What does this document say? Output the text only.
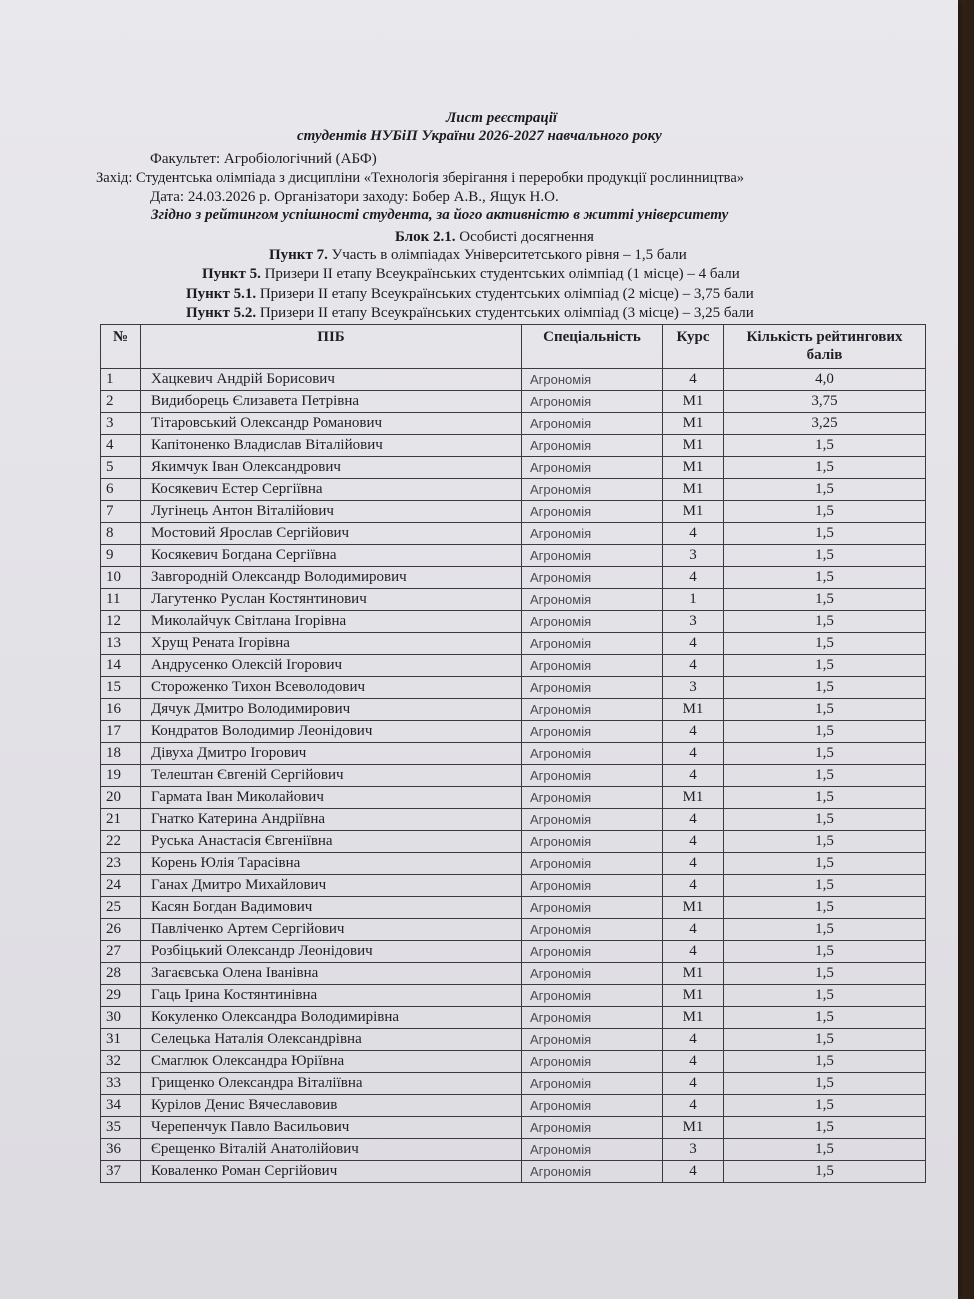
Лист реєстрації
студентів НУБіП України 2026-2027 навчального року
Факультет: Агробіологічний (АБФ)
Захід: Студентська олімпіада з дисципліни «Технологія зберігання і переробки продукції рослинництва»
Дата: 24.03.2026 р. Організатори заходу: Бобер А.В., Ящук Н.О.
Згідно з рейтингом успішності студента, за його активністю в житті університету
Блок 2.1. Особисті досягнення
Пункт 7. Участь в олімпіадах Університетського рівня – 1,5 бали
Пункт 5. Призери ІІ етапу Всеукраїнських студентських олімпіад (1 місце) – 4 бали
Пункт 5.1. Призери ІІ етапу Всеукраїнських студентських олімпіад (2 місце) – 3,75 бали
Пункт 5.2. Призери ІІ етапу Всеукраїнських студентських олімпіад (3 місце) – 3,25 бали
№	ПІБ	Спеціальність	Курс	Кількість рейтингових балів
1	Хацкевич Андрій Борисович	Агрономія	4	4,0
2	Видиборець Єлизавета Петрівна	Агрономія	М1	3,75
3	Тітаровський Олександр Романович	Агрономія	М1	3,25
4	Капітоненко Владислав Віталійович	Агрономія	М1	1,5
5	Якимчук Іван Олександрович	Агрономія	М1	1,5
6	Косякевич Естер Сергіївна	Агрономія	М1	1,5
7	Лугінець Антон Віталійович	Агрономія	М1	1,5
8	Мостовий Ярослав Сергійович	Агрономія	4	1,5
9	Косякевич Богдана Сергіївна	Агрономія	3	1,5
10	Завгородній Олександр Володимирович	Агрономія	4	1,5
11	Лагутенко Руслан Костянтинович	Агрономія	1	1,5
12	Миколайчук Світлана Ігорівна	Агрономія	3	1,5
13	Хрущ Рената Ігорівна	Агрономія	4	1,5
14	Андрусенко Олексій Ігорович	Агрономія	4	1,5
15	Стороженко Тихон Всеволодович	Агрономія	3	1,5
16	Дячук Дмитро Володимирович	Агрономія	М1	1,5
17	Кондратов Володимир Леонідович	Агрономія	4	1,5
18	Дівуха Дмитро Ігорович	Агрономія	4	1,5
19	Телештан Євгеній Сергійович	Агрономія	4	1,5
20	Гармата Іван Миколайович	Агрономія	М1	1,5
21	Гнатко Катерина Андріївна	Агрономія	4	1,5
22	Руська Анастасія Євгеніївна	Агрономія	4	1,5
23	Корень Юлія Тарасівна	Агрономія	4	1,5
24	Ганах Дмитро Михайлович	Агрономія	4	1,5
25	Касян Богдан Вадимович	Агрономія	М1	1,5
26	Павліченко Артем Сергійович	Агрономія	4	1,5
27	Розбіцький Олександр Леонідович	Агрономія	4	1,5
28	Загаєвська Олена Іванівна	Агрономія	М1	1,5
29	Гаць Ірина Костянтинівна	Агрономія	М1	1,5
30	Кокуленко Олександра Володимирівна	Агрономія	М1	1,5
31	Селецька Наталія Олександрівна	Агрономія	4	1,5
32	Смаглюк Олександра Юріївна	Агрономія	4	1,5
33	Грищенко Олександра Віталіївна	Агрономія	4	1,5
34	Курілов Денис Вячеславовив	Агрономія	4	1,5
35	Черепенчук Павло Васильович	Агрономія	М1	1,5
36	Єрещенко Віталій Анатолійович	Агрономія	3	1,5
37	Коваленко Роман Сергійович	Агрономія	4	1,5
